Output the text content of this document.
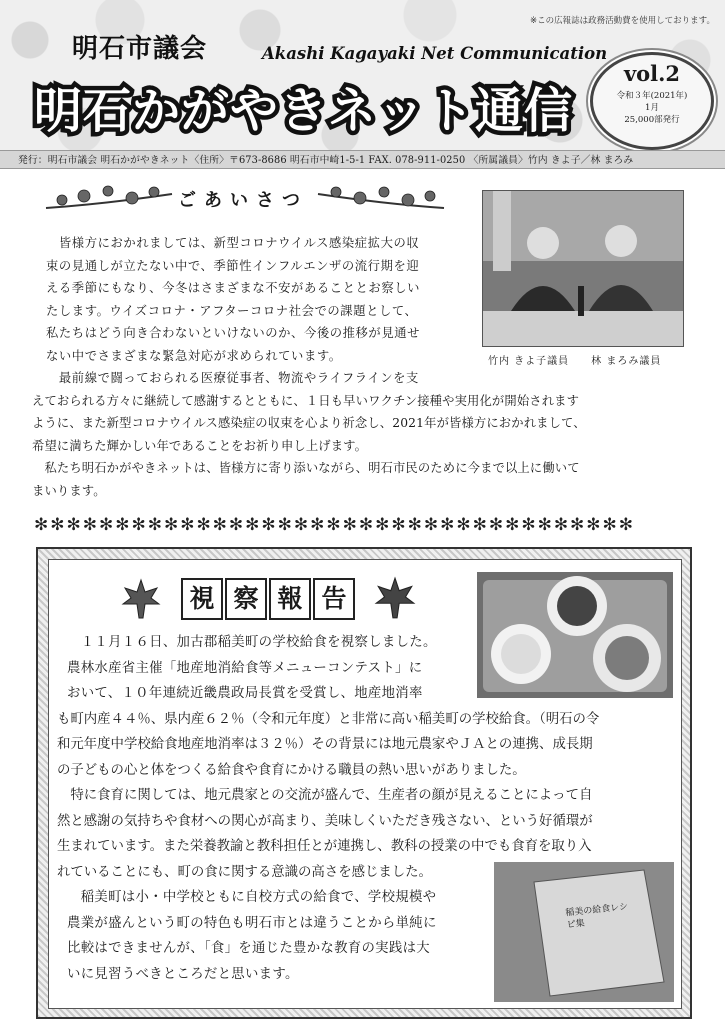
※この広報誌は政務活動費を使用しております。
明石市議会	Akashi Kagayaki Net Communication
明石かがやきネット通信
vol.2
令和３年(2021年)
1月
25,000部発行
発行：明石市議会 明石かがやきネット〈住所〉〒673-8686 明石市中崎1-5-1 FAX. 078-911-0250 〈所属議員〉竹内 きよ子／林 まろみ
ごあいさつ
　皆様方におかれましては、新型コロナウイルス感染症拡大の収
束の見通しが立たない中で、季節性インフルエンザの流行期を迎
える季節にもなり、今冬はさまざまな不安があることとお察しい
たします。ウイズコロナ・アフターコロナ社会での課題として、
私たちはどう向き合わないといけないのか、今後の推移が見通せ
ない中でさまざまな緊急対応が求められています。
　最前線で闘っておられる医療従事者、物流やライフラインを支
えておられる方々に継続して感謝するとともに、１日も早いワクチン接種や実用化が開始されます
ように、また新型コロナウイルス感染症の収束を心より祈念し、2021年が皆様方におかれまして、
希望に満ちた輝かしい年であることをお祈り申し上げます。
　私たち明石かがやきネットは、皆様方に寄り添いながら、明石市民のために今まで以上に働いて
まいります。
竹内 きよ子議員　　林 まろみ議員
✻✻✻✻✻✻✻✻✻✻✻✻✻✻✻✻✻✻✻✻✻✻✻✻✻✻✻✻✻✻✻✻✻✻✻✻✻
視 察 報 告
　１１月１６日、加古郡稲美町の学校給食を視察しました。
農林水産省主催「地産地消給食等メニューコンテスト」に
おいて、１０年連続近畿農政局長賞を受賞し、地産地消率
も町内産４４％、県内産６２％（令和元年度）と非常に高い稲美町の学校給食。（明石の令
和元年度中学校給食地産地消率は３２％）その背景には地元農家やＪＡとの連携、成長期
の子どもの心と体をつくる給食や食育にかける職員の熱い思いがありました。
　特に食育に関しては、地元農家との交流が盛んで、生産者の顔が見えることによって自
然と感謝の気持ちや食材への関心が高まり、美味しくいただき残さない、という好循環が
生まれています。また栄養教諭と教科担任とが連携し、教科の授業の中でも食育を取り入
れていることにも、町の食に関する意識の高さを感じました。
　稲美町は小・中学校ともに自校方式の給食で、学校規模や
農業が盛んという町の特色も明石市とは違うことから単純に
比較はできませんが、「食」を通じた豊かな教育の実践は大
いに見習うべきところだと思います。
稲美の給食レシピ集
